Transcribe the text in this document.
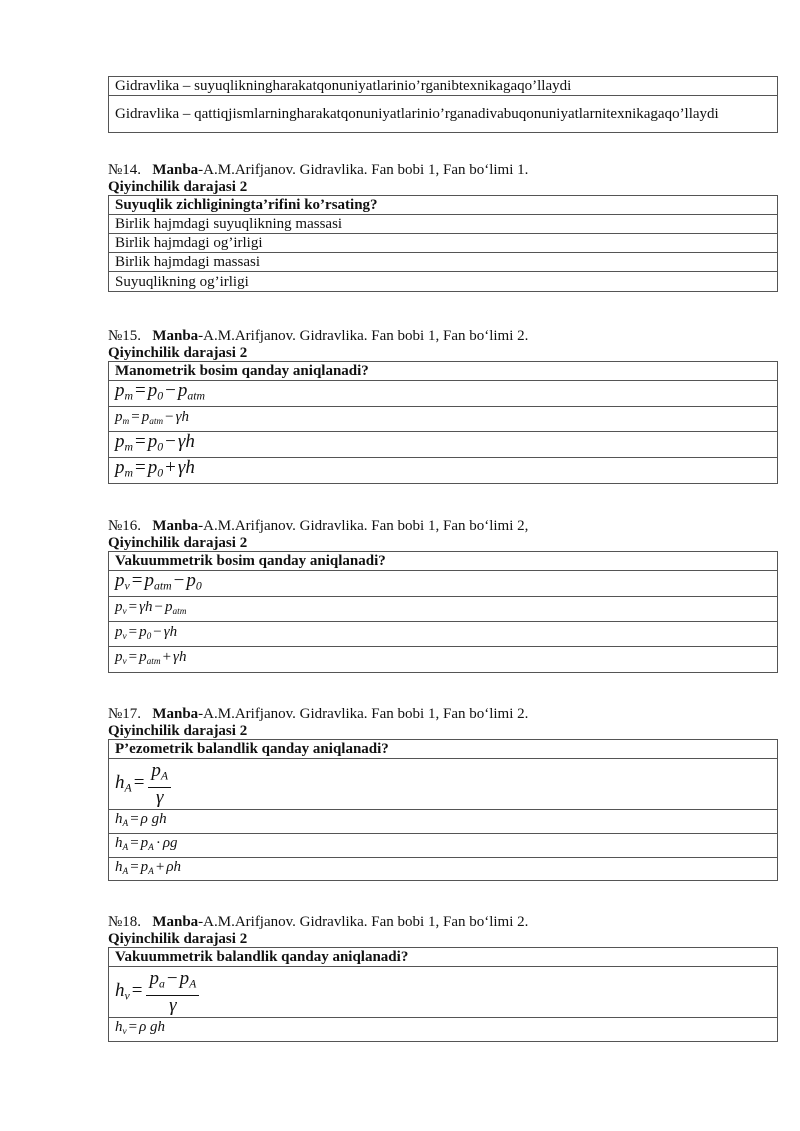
Gidravlika – suyuqlikningharakatqonuniyatlarinio’rganibtexnikagaqo’llaydi
Gidravlika – qattiqjismlarningharakatqonuniyatlarinio’rganadivabuqonuniyatlarnitexnikagaqo’llaydi
№14. Manba-A.M.Arifjanov. Gidravlika. Fan bobi 1, Fan bo‘limi 1.
Qiyinchilik darajasi 2
Suyuqlik zichliginingta’rifini ko’rsating?
Birlik hajmdagi suyuqlikning massasi
Birlik hajmdagi og’irligi
Birlik hajmdagi massasi
Suyuqlikning og’irligi
№15. Manba-A.M.Arifjanov. Gidravlika. Fan bobi 1, Fan bo‘limi 2.
Qiyinchilik darajasi 2
Manometrik bosim qanday aniqlanadi?
$p_m = p_0 - p_{atm}$
$p_m = p_{atm} - \gamma h$
$p_m = p_0 - \gamma h$
$p_m = p_0 + \gamma h$
№16. Manba-A.M.Arifjanov. Gidravlika. Fan bobi 1, Fan bo‘limi 2,
Qiyinchilik darajasi 2
Vakuummetrik bosim qanday aniqlanadi?
$p_v = p_{atm} - p_0$
$p_v = \gamma h - p_{atm}$
$p_v = p_0 - \gamma h$
$p_v = p_{atm} + \gamma h$
№17. Manba-A.M.Arifjanov. Gidravlika. Fan bobi 1, Fan bo‘limi 2.
Qiyinchilik darajasi 2
P’ezometrik balandlik qanday aniqlanadi?
$h_A = \frac{p_A}{\gamma}$

$h_A = \rho$ gh
$h_A = p_A \cdot \rho g$
$h_A = p_A + \rho h$
№18. Manba-A.M.Arifjanov. Gidravlika. Fan bobi 1, Fan bo‘limi 2.
Qiyinchilik darajasi 2
Vakuummetrik balandlik qanday aniqlanadi?
$h_v = \frac{p_a - p_A}{\gamma}$

$h_v = \rho$ gh
